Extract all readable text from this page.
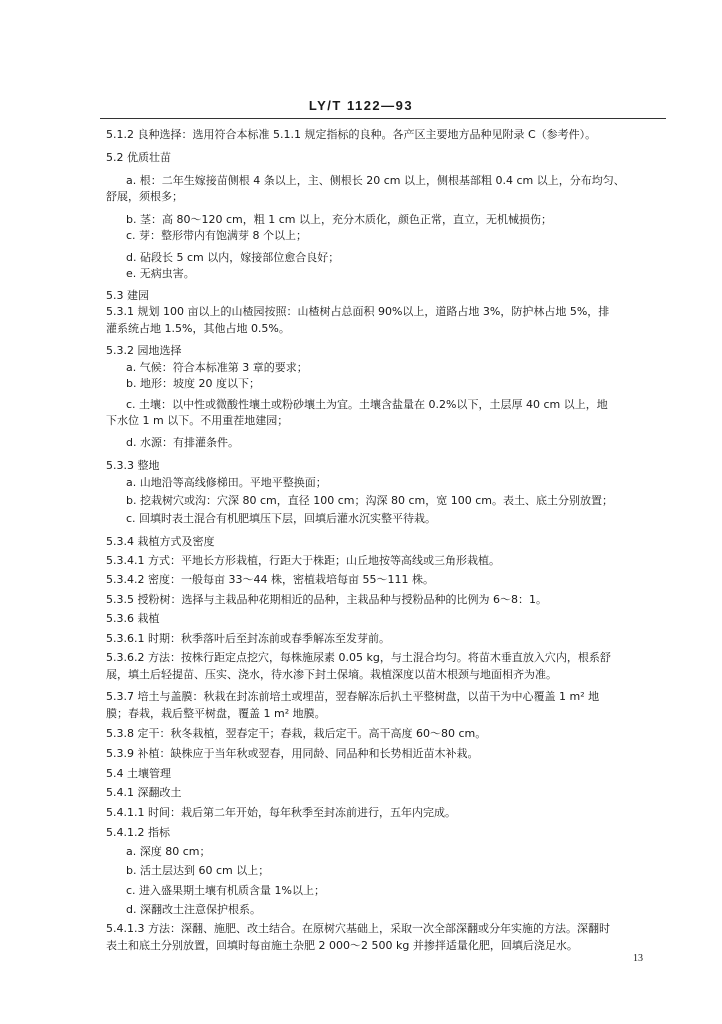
LY/T 1122—93
5.1.2 良种选择：选用符合本标准 5.1.1 规定指标的良种。各产区主要地方品种见附录 C（参考件）。
5.2 优质壮苗
a. 根：二年生嫁接苗侧根 4 条以上，主、侧根长 20 cm 以上，侧根基部粗 0.4 cm 以上，分布均匀、
舒展，须根多；
b. 茎：高 80～120 cm，粗 1 cm 以上，充分木质化，颜色正常，直立，无机械损伤；
c. 芽：整形带内有饱满芽 8 个以上；
d. 砧段长 5 cm 以内，嫁接部位愈合良好；
e. 无病虫害。
5.3 建园
5.3.1 规划 100 亩以上的山楂园按照：山楂树占总面积 90%以上，道路占地 3%，防护林占地 5%，排
灌系统占地 1.5%，其他占地 0.5%。
5.3.2 园地选择
a. 气候：符合本标准第 3 章的要求；
b. 地形：坡度 20 度以下；
c. 土壤：以中性或微酸性壤土或粉砂壤土为宜。土壤含盐量在 0.2%以下，土层厚 40 cm 以上，地
下水位 1 m 以下。不用重茬地建园；
d. 水源：有排灌条件。
5.3.3 整地
a. 山地沿等高线修梯田。平地平整换面；
b. 挖栽树穴或沟：穴深 80 cm，直径 100 cm；沟深 80 cm，宽 100 cm。表土、底土分别放置；
c. 回填时表土混合有机肥填压下层，回填后灌水沉实整平待栽。
5.3.4 栽植方式及密度
5.3.4.1 方式：平地长方形栽植，行距大于株距；山丘地按等高线或三角形栽植。
5.3.4.2 密度：一般每亩 33～44 株，密植栽培每亩 55～111 株。
5.3.5 授粉树：选择与主栽品种花期相近的品种，主栽品种与授粉品种的比例为 6～8：1。
5.3.6 栽植
5.3.6.1 时期：秋季落叶后至封冻前或春季解冻至发芽前。
5.3.6.2 方法：按株行距定点挖穴，每株施尿素 0.05 kg，与土混合均匀。将苗木垂直放入穴内，根系舒
展，填土后轻提苗、压实、浇水，待水渗下封土保墒。栽植深度以苗木根颈与地面相齐为准。
5.3.7 培土与盖膜：秋栽在封冻前培土或埋苗，翌春解冻后扒土平整树盘，以苗干为中心覆盖 1 m² 地
膜；春栽，栽后整平树盘，覆盖 1 m² 地膜。
5.3.8 定干：秋冬栽植，翌春定干；春栽，栽后定干。高干高度 60～80 cm。
5.3.9 补植：缺株应于当年秋或翌春，用同龄、同品种和长势相近苗木补栽。
5.4 土壤管理
5.4.1 深翻改土
5.4.1.1 时间：栽后第二年开始，每年秋季至封冻前进行，五年内完成。
5.4.1.2 指标
a. 深度 80 cm；
b. 活土层达到 60 cm 以上；
c. 进入盛果期土壤有机质含量 1%以上；
d. 深翻改土注意保护根系。
5.4.1.3 方法：深翻、施肥、改土结合。在原树穴基础上，采取一次全部深翻或分年实施的方法。深翻时
表土和底土分别放置，回填时每亩施土杂肥 2 000～2 500 kg 并掺拌适量化肥，回填后浇足水。
13
